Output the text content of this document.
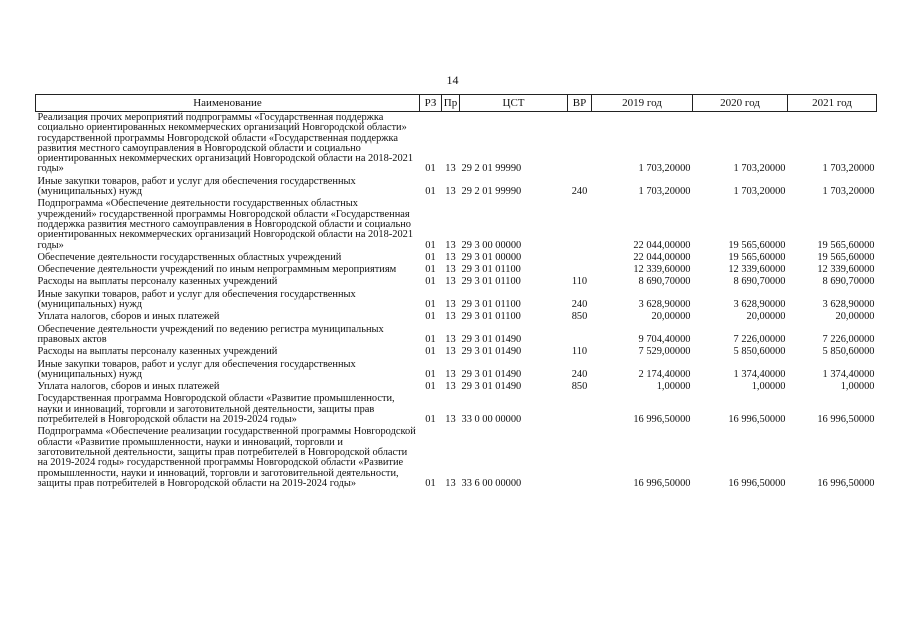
14
Наименование	РЗ	Пр	ЦСТ	ВР	2019 год	2020 год	2021 год
Реализация прочих мероприятий подпрограммы «Государственная поддержка социально ориентированных некоммерческих организаций Новгородской области» государственной программы Новгородской области «Государственная поддержка развития местного самоуправления в Новгородской области и социально ориентированных некоммерческих организаций Новгородской области на 2018-2021 годы»	01	13	29 2 01 99990		1 703,20000	1 703,20000	1 703,20000
Иные закупки товаров, работ и услуг для обеспечения государственных (муниципальных) нужд	01	13	29 2 01 99990	240	1 703,20000	1 703,20000	1 703,20000
Подпрограмма «Обеспечение деятельности государственных областных учреждений» государственной программы Новгородской области «Государственная поддержка развития местного самоуправления в Новгородской области и социально ориентированных некоммерческих организаций Новгородской области на 2018-2021 годы»	01	13	29 3 00 00000		22 044,00000	19 565,60000	19 565,60000
Обеспечение деятельности государственных областных учреждений	01	13	29 3 01 00000		22 044,00000	19 565,60000	19 565,60000
Обеспечение деятельности учреждений по иным непрограммным мероприятиям	01	13	29 3 01 01100		12 339,60000	12 339,60000	12 339,60000
Расходы на выплаты персоналу казенных учреждений	01	13	29 3 01 01100	110	8 690,70000	8 690,70000	8 690,70000
Иные закупки товаров, работ и услуг для обеспечения государственных (муниципальных) нужд	01	13	29 3 01 01100	240	3 628,90000	3 628,90000	3 628,90000
Уплата налогов, сборов и иных платежей	01	13	29 3 01 01100	850	20,00000	20,00000	20,00000
Обеспечение деятельности учреждений по ведению регистра муниципальных правовых актов	01	13	29 3 01 01490		9 704,40000	7 226,00000	7 226,00000
Расходы на выплаты персоналу казенных учреждений	01	13	29 3 01 01490	110	7 529,00000	5 850,60000	5 850,60000
Иные закупки товаров, работ и услуг для обеспечения государственных (муниципальных) нужд	01	13	29 3 01 01490	240	2 174,40000	1 374,40000	1 374,40000
Уплата налогов, сборов и иных платежей	01	13	29 3 01 01490	850	1,00000	1,00000	1,00000
Государственная программа Новгородской области «Развитие промышленности, науки и инноваций, торговли и заготовительной деятельности, защиты прав потребителей в Новгородской области на 2019-2024 годы»	01	13	33 0 00 00000		16 996,50000	16 996,50000	16 996,50000
Подпрограмма «Обеспечение реализации государственной программы Новгородской области «Развитие промышленности, науки и инноваций, торговли и заготовительной деятельности, защиты прав потребителей в Новгородской области на 2019-2024 годы» государственной программы Новгородской области «Развитие промышленности, науки и инноваций, торговли и заготовительной деятельности, защиты прав потребителей в Новгородской области на 2019-2024 годы»	01	13	33 6 00 00000		16 996,50000	16 996,50000	16 996,50000
